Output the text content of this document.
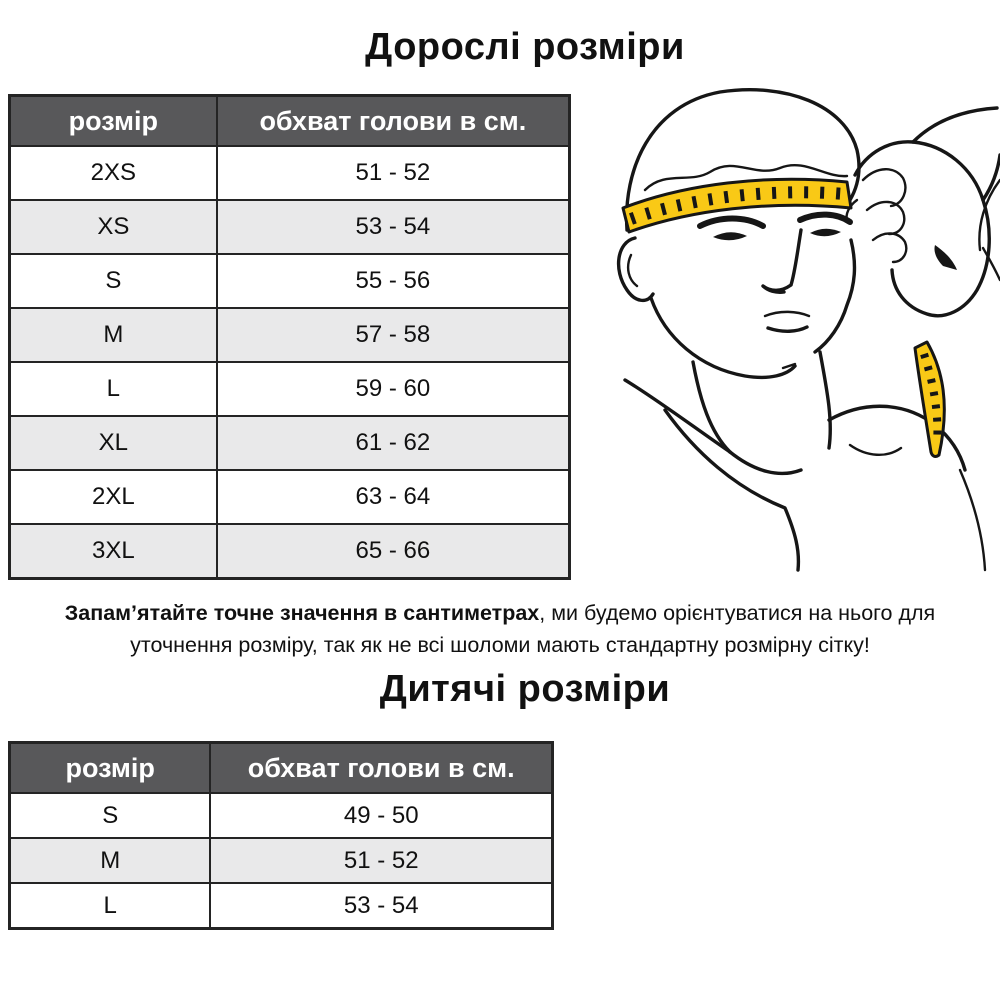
Дорослі розміри
розмір	обхват голови в см.
2XS	51 - 52
XS	53 - 54
S	55 - 56
M	57 - 58
L	59 - 60
XL	61 - 62
2XL	63 - 64
3XL	65 - 66

Запам’ятайте точне значення в сантиметрах, ми будемо орієнтуватися на нього для уточнення розміру, так як не всі шоломи мають стандартну розмірну сітку!

Дитячі розміри
розмір	обхват голови в см.
S	49 - 50
M	51 - 52
L	53 - 54
